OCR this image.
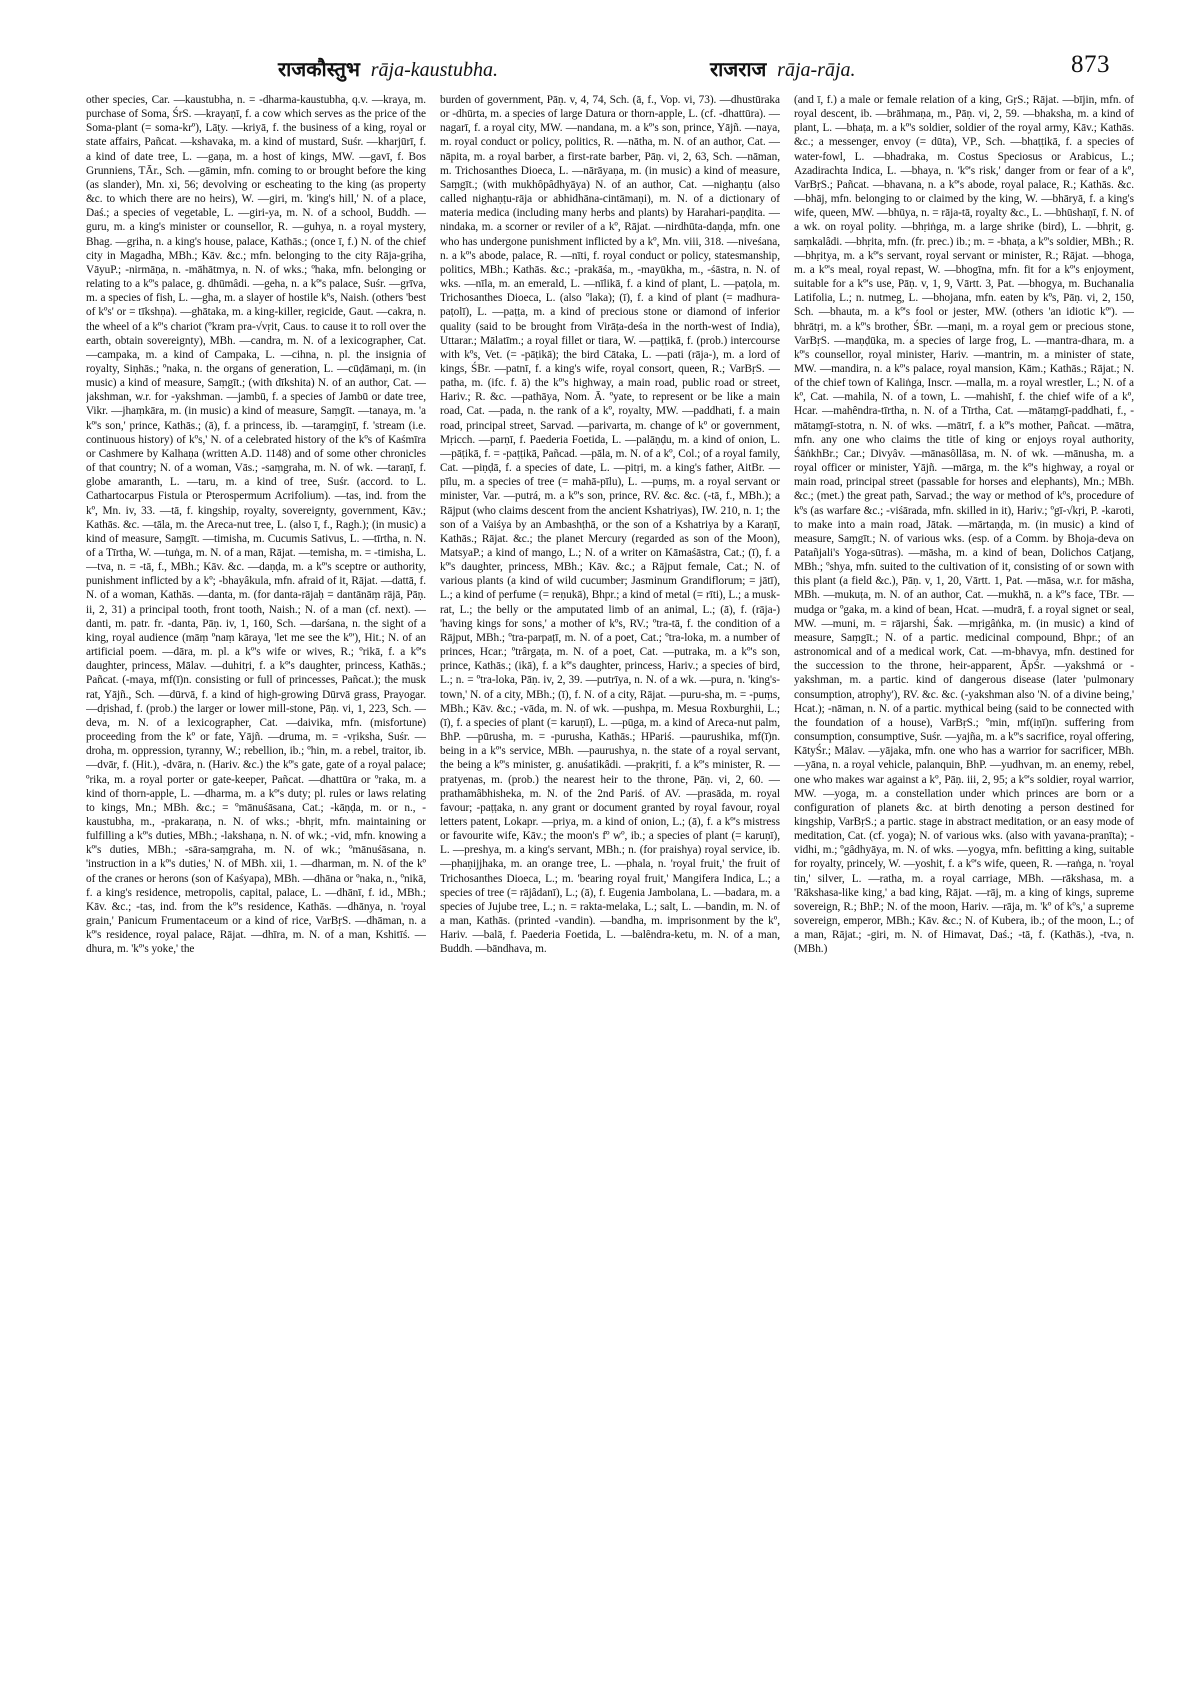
राजकौस्तुभ rāja-kaustubha.	राजराज rāja-rāja.	873

other species, Car. —kaustubha, n. = -dharma-kaustubha, q.v. —kraya, m. purchase of Soma, ŚrS. —krayaṇī, f. a cow which serves as the price of the Soma-plant (= soma-krº), Lāṭy. —kriyā, f. the business of a king, royal or state affairs, Pañcat. —kshavaka, m. a kind of mustard, Suśr. —kharjūrī, f. a kind of date tree, L. —gaṇa, m. a host of kings, MW. —gavī, f. Bos Grunniens, TĀr., Sch. —gāmin, mfn. coming to or brought before the king (as slander), Mn. xi, 56; devolving or escheating to the king (as property &c. to which there are no heirs), W. —giri, m. 'king's hill,' N. of a place, Daś.; a species of vegetable, L. —giri-ya, m. N. of a school, Buddh. —guru, m. a king's minister or counsellor, R. —guhya, n. a royal mystery, Bhag. —gṛiha, n. a king's house, palace, Kathās.; (once ī, f.) N. of the chief city in Magadha, MBh.; Kāv. &c.; mfn. belonging to the city Rāja-gṛiha, VāyuP.; -nirmāṇa, n. -māhātmya, n. N. of wks.; ºhaka, mfn. belonging or relating to a kº's palace, g. dhūmâdi. —geha, n. a kº's palace, Suśr. —grīva, m. a species of fish, L. —gha, m. a slayer of hostile kºs, Naish. (others 'best of kºs' or = tīkshṇa). —ghātaka, m. a king-killer, regicide, Gaut. —cakra, n. the wheel of a kº's chariot (ºkram pra-√vṛit, Caus. to cause it to roll over the earth, obtain sovereignty), MBh. —candra, m. N. of a lexicographer, Cat. —campaka, m. a kind of Campaka, L. —cihna, n. pl. the insignia of royalty, Siṇhās.; ºnaka, n. the organs of generation, L. —cūḍāmaṇi, m. (in music) a kind of measure, Saṃgīt.; (with dīkshita) N. of an author, Cat. —jakshman, w.r. for -yakshman. —jambū, f. a species of Jambū or date tree, Vikr. —jhaṃkāra, m. (in music) a kind of measure, Saṃgīt. —tanaya, m. 'a kº's son,' prince, Kathās.; (ā), f. a princess, ib. —taraṃgiṇī, f. 'stream (i.e. continuous history) of kºs,' N. of a celebrated history of the kºs of Kaśmīra or Cashmere by Kalhaṇa (written A.D. 1148) and of some other chronicles of that country; N. of a woman, Vās.; -saṃgraha, m. N. of wk. —taraṇī, f. globe amaranth, L. —taru, m. a kind of tree, Suśr. (accord. to L. Cathartocarpus Fistula or Pterospermum Acrifolium). —tas, ind. from the kº, Mn. iv, 33. —tā, f. kingship, royalty, sovereignty, government, Kāv.; Kathās. &c. —tāla, m. the Areca-nut tree, L. (also ī, f., Ragh.); (in music) a kind of measure, Saṃgīt. —timisha, m. Cucumis Sativus, L. —tīrtha, n. N. of a Tīrtha, W. —tuṅga, m. N. of a man, Rājat. —temisha, m. = -timisha, L. —tva, n. = -tā, f., MBh.; Kāv. &c. —daṇḍa, m. a kº's sceptre or authority, punishment inflicted by a kº; -bhayâkula, mfn. afraid of it, Rājat. —dattā, f. N. of a woman, Kathās. —danta, m. (for danta-rājaḥ = dantānāṃ rājā, Pāṇ. ii, 2, 31) a principal tooth, front tooth, Naish.; N. of a man (cf. next). —danti, m. patr. fr. -danta, Pāṇ. iv, 1, 160, Sch. —darśana, n. the sight of a king, royal audience (māṃ ºnaṃ kāraya, 'let me see the kº'), Hit.; N. of an artificial poem. —dāra, m. pl. a kº's wife or wives, R.; ºrikā, f. a kº's daughter, princess, Mālav. —duhitṛi, f. a kº's daughter, princess, Kathās.; Pañcat. (-maya, mf(ī)n. consisting or full of princesses, Pañcat.); the musk rat, Yājñ., Sch. —dūrvā, f. a kind of high-growing Dūrvā grass, Prayogar. —dṛishad, f. (prob.) the larger or lower mill-stone, Pāṇ. vi, 1, 223, Sch. —deva, m. N. of a lexicographer, Cat. —daivika, mfn. (misfortune) proceeding from the kº or fate, Yājñ. —druma, m. = -vṛiksha, Suśr. —droha, m. oppression, tyranny, W.; rebellion, ib.; ºhin, m. a rebel, traitor, ib. —dvār, f. (Hit.), -dvāra, n. (Hariv. &c.) the kº's gate, gate of a royal palace; ºrika, m. a royal porter or gate-keeper, Pañcat. —dhattūra or ºraka, m. a kind of thorn-apple, L. —dharma, m. a kº's duty; pl. rules or laws relating to kings, Mn.; MBh. &c.; = ºmānuśāsana, Cat.; -kāṇḍa, m. or n., -kaustubha, m., -prakaraṇa, n. N. of wks.; -bhṛit, mfn. maintaining or fulfilling a kº's duties, MBh.; -lakshaṇa, n. N. of wk.; -vid, mfn. knowing a kº's duties, MBh.; -sāra-saṃgraha, m. N. of wk.; ºmānuśāsana, n. 'instruction in a kº's duties,' N. of MBh. xii, 1. —dharman, m. N. of the kº of the cranes or herons (son of Kaśyapa), MBh. —dhāna or ºnaka, n., ºnikā, f. a king's residence, metropolis, capital, palace, L. —dhānī, f. id., MBh.; Kāv. &c.; -tas, ind. from the kº's residence, Kathās. —dhānya, n. 'royal grain,' Panicum Frumentaceum or a kind of rice, VarBṛS. —dhāman, n. a kº's residence, royal palace, Rājat. —dhīra, m. N. of a man, Kshitīś. —dhura, m. 'kº's yoke,' the

burden of government, Pāṇ. v, 4, 74, Sch. (ā, f., Vop. vi, 73). —dhustūraka or -dhūrta, m. a species of large Datura or thorn-apple, L. (cf. -dhattūra). —nagarī, f. a royal city, MW. —nandana, m. a kº's son, prince, Yājñ. —naya, m. royal conduct or policy, politics, R. —nātha, m. N. of an author, Cat. —nāpita, m. a royal barber, a first-rate barber, Pāṇ. vi, 2, 63, Sch. —nāman, m. Trichosanthes Dioeca, L. —nārāyaṇa, m. (in music) a kind of measure, Saṃgīt.; (with mukhôpâdhyāya) N. of an author, Cat. —nighaṇṭu (also called nighaṇṭu-rāja or abhidhāna-cintāmaṇi), m. N. of a dictionary of materia medica (including many herbs and plants) by Harahari-paṇḍita. —nindaka, m. a scorner or reviler of a kº, Rājat. —nirdhūta-daṇḍa, mfn. one who has undergone punishment inflicted by a kº, Mn. viii, 318. —niveśana, n. a kº's abode, palace, R. —nīti, f. royal conduct or policy, statesmanship, politics, MBh.; Kathās. &c.; -prakāśa, m., -mayūkha, m., -śāstra, n. N. of wks. —nīla, m. an emerald, L. —nīlikā, f. a kind of plant, L. —paṭola, m. Trichosanthes Dioeca, L. (also ºlaka); (ī), f. a kind of plant (= madhura-paṭolī), L. —paṭṭa, m. a kind of precious stone or diamond of inferior quality (said to be brought from Virāṭa-deśa in the north-west of India), Uttarar.; Mālatīm.; a royal fillet or tiara, W. —paṭṭikā, f. (prob.) intercourse with kºs, Vet. (= -pāṭikā); the bird Cātaka, L. —pati (rāja-), m. a lord of kings, ŚBr. —patnī, f. a king's wife, royal consort, queen, R.; VarBṛS. —patha, m. (ifc. f. ā) the kº's highway, a main road, public road or street, Hariv.; R. &c. —pathāya, Nom. Ā. ºyate, to represent or be like a main road, Cat. —pada, n. the rank of a kº, royalty, MW. —paddhati, f. a main road, principal street, Sarvad. —parivarta, m. change of kº or government, Mṛicch. —parṇī, f. Paederia Foetida, L. —palāṇḍu, m. a kind of onion, L. —pāṭikā, f. = -paṭṭikā, Pañcad. —pāla, m. N. of a kº, Col.; of a royal family, Cat. —piṇḍā, f. a species of date, L. —pitṛi, m. a king's father, AitBr. —pīlu, m. a species of tree (= mahā-pīlu), L. —puṃs, m. a royal servant or minister, Var. —putrá, m. a kº's son, prince, RV. &c. &c. (-tā, f., MBh.); a Rājput (who claims descent from the ancient Kshatriyas), IW. 210, n. 1; the son of a Vaiśya by an Ambashṭhā, or the son of a Kshatriya by a Karaṇī, Kathās.; Rājat. &c.; the planet Mercury (regarded as son of the Moon), MatsyaP.; a kind of mango, L.; N. of a writer on Kāmaśāstra, Cat.; (ī), f. a kº's daughter, princess, MBh.; Kāv. &c.; a Rājput female, Cat.; N. of various plants (a kind of wild cucumber; Jasminum Grandiflorum; = jātī), L.; a kind of perfume (= reṇukā), Bhpr.; a kind of metal (= rīti), L.; a musk-rat, L.; the belly or the amputated limb of an animal, L.; (ā), f. (rāja-) 'having kings for sons,' a mother of kºs, RV.; ºtra-tā, f. the condition of a Rājput, MBh.; ºtra-parpaṭī, m. N. of a poet, Cat.; ºtra-loka, m. a number of princes, Hcar.; ºtrârgaṭa, m. N. of a poet, Cat. —putraka, m. a kº's son, prince, Kathās.; (ikā), f. a kº's daughter, princess, Hariv.; a species of bird, L.; n. = ºtra-loka, Pāṇ. iv, 2, 39. —putrīya, n. N. of a wk. —pura, n. 'king's-town,' N. of a city, MBh.; (ī), f. N. of a city, Rājat. —puru-sha, m. = -puṃs, MBh.; Kāv. &c.; -vāda, m. N. of wk. —pushpa, m. Mesua Roxburghii, L.; (ī), f. a species of plant (= karuṇī), L. —pūga, m. a kind of Areca-nut palm, BhP. —pūrusha, m. = -purusha, Kathās.; HPariś. —paurushika, mf(ī)n. being in a kº's service, MBh. —paurushya, n. the state of a royal servant, the being a kº's minister, g. anuśatikâdi. —prakṛiti, f. a kº's minister, R. —pratyenas, m. (prob.) the nearest heir to the throne, Pāṇ. vi, 2, 60. —prathamâbhisheka, m. N. of the 2nd Pariś. of AV. —prasāda, m. royal favour; -paṭṭaka, n. any grant or document granted by royal favour, royal letters patent, Lokapr. —priya, m. a kind of onion, L.; (ā), f. a kº's mistress or favourite wife, Kāv.; the moon's fº wº, ib.; a species of plant (= karuṇī), L. —preshya, m. a king's servant, MBh.; n. (for praishya) royal service, ib. —phaṇijjhaka, m. an orange tree, L. —phala, n. 'royal fruit,' the fruit of Trichosanthes Dioeca, L.; m. 'bearing royal fruit,' Mangifera Indica, L.; a species of tree (= rājâdanī), L.; (ā), f. Eugenia Jambolana, L. —badara, m. a species of Jujube tree, L.; n. = rakta-melaka, L.; salt, L. —bandin, m. N. of a man, Kathās. (printed -vandin). —bandha, m. imprisonment by the kº, Hariv. —balā, f. Paederia Foetida, L. —balêndra-ketu, m. N. of a man, Buddh. —bāndhava, m.

(and ī, f.) a male or female relation of a king, GṛS.; Rājat. —bījin, mfn. of royal descent, ib. —brāhmaṇa, m., Pāṇ. vi, 2, 59. —bhaksha, m. a kind of plant, L. —bhaṭa, m. a kº's soldier, soldier of the royal army, Kāv.; Kathās. &c.; a messenger, envoy (= dūta), VP., Sch. —bhaṭṭikā, f. a species of water-fowl, L. —bhadraka, m. Costus Speciosus or Arabicus, L.; Azadirachta Indica, L. —bhaya, n. 'kº's risk,' danger from or fear of a kº, VarBṛS.; Pañcat. —bhavana, n. a kº's abode, royal palace, R.; Kathās. &c. —bhāj, mfn. belonging to or claimed by the king, W. —bhāryā, f. a king's wife, queen, MW. —bhūya, n. = rāja-tā, royalty &c., L. —bhūshaṇī, f. N. of a wk. on royal polity. —bhṛiṅga, m. a large shrike (bird), L. —bhṛit, g. saṃkalâdi. —bhṛita, mfn. (fr. prec.) ib.; m. = -bhaṭa, a kº's soldier, MBh.; R. —bhṛitya, m. a kº's servant, royal servant or minister, R.; Rājat. —bhoga, m. a kº's meal, royal repast, W. —bhogīna, mfn. fit for a kº's enjoyment, suitable for a kº's use, Pāṇ. v, 1, 9, Vārtt. 3, Pat. —bhogya, m. Buchanalia Latifolia, L.; n. nutmeg, L. —bhojana, mfn. eaten by kºs, Pāṇ. vi, 2, 150, Sch. —bhauta, m. a kº's fool or jester, MW. (others 'an idiotic kº'). —bhrātṛi, m. a kº's brother, ŚBr. —maṇi, m. a royal gem or precious stone, VarBṛS. —maṇḍūka, m. a species of large frog, L. —mantra-dhara, m. a kº's counsellor, royal minister, Hariv. —mantrin, m. a minister of state, MW. —mandira, n. a kº's palace, royal mansion, Kām.; Kathās.; Rājat.; N. of the chief town of Kaliṅga, Inscr. —malla, m. a royal wrestler, L.; N. of a kº, Cat. —mahila, N. of a town, L. —mahishī, f. the chief wife of a kº, Hcar. —mahêndra-tīrtha, n. N. of a Tīrtha, Cat. —mātaṃgī-paddhati, f., -mātaṃgī-stotra, n. N. of wks. —mātrī, f. a kº's mother, Pañcat. —mātra, mfn. any one who claims the title of king or enjoys royal authority, ŚāṅkhBr.; Car.; Divyâv. —mānasôllāsa, m. N. of wk. —mānusha, m. a royal officer or minister, Yājñ. —mārga, m. the kº's highway, a royal or main road, principal street (passable for horses and elephants), Mn.; MBh. &c.; (met.) the great path, Sarvad.; the way or method of kºs, procedure of kºs (as warfare &c.; -viśārada, mfn. skilled in it), Hariv.; ºgī-√kṛi, P. -karoti, to make into a main road, Jātak. —mārtaṇḍa, m. (in music) a kind of measure, Saṃgīt.; N. of various wks. (esp. of a Comm. by Bhoja-deva on Patañjali's Yoga-sūtras). —māsha, m. a kind of bean, Dolichos Catjang, MBh.; ºshya, mfn. suited to the cultivation of it, consisting of or sown with this plant (a field &c.), Pāṇ. v, 1, 20, Vārtt. 1, Pat. —māsa, w.r. for māsha, MBh. —mukuṭa, m. N. of an author, Cat. —mukhā, n. a kº's face, TBr. —mudga or ºgaka, m. a kind of bean, Hcat. —mudrā, f. a royal signet or seal, MW. —muni, m. = rājarshi, Śak. —mṛigâṅka, m. (in music) a kind of measure, Saṃgīt.; N. of a partic. medicinal compound, Bhpr.; of an astronomical and of a medical work, Cat. —m-bhavya, mfn. destined for the succession to the throne, heir-apparent, ĀpŚr. —yakshmá or -yakshman, m. a partic. kind of dangerous disease (later 'pulmonary consumption, atrophy'), RV. &c. &c. (-yakshman also 'N. of a divine being,' Hcat.); -nāman, n. N. of a partic. mythical being (said to be connected with the foundation of a house), VarBṛS.; ºmin, mf(iṇī)n. suffering from consumption, consumptive, Suśr. —yajña, m. a kº's sacrifice, royal offering, KātyŚr.; Mālav. —yājaka, mfn. one who has a warrior for sacrificer, MBh. —yāna, n. a royal vehicle, palanquin, BhP. —yudhvan, m. an enemy, rebel, one who makes war against a kº, Pāṇ. iii, 2, 95; a kº's soldier, royal warrior, MW. —yoga, m. a constellation under which princes are born or a configuration of planets &c. at birth denoting a person destined for kingship, VarBṛS.; a partic. stage in abstract meditation, or an easy mode of meditation, Cat. (cf. yoga); N. of various wks. (also with yavana-praṇīta); -vidhi, m.; ºgâdhyāya, m. N. of wks. —yogya, mfn. befitting a king, suitable for royalty, princely, W. —yoshit, f. a kº's wife, queen, R. —raṅga, n. 'royal tin,' silver, L. —ratha, m. a royal carriage, MBh. —rākshasa, m. a 'Rākshasa-like king,' a bad king, Rājat. —rāj, m. a king of kings, supreme sovereign, R.; BhP.; N. of the moon, Hariv. —rāja, m. 'kº of kºs,' a supreme sovereign, emperor, MBh.; Kāv. &c.; N. of Kubera, ib.; of the moon, L.; of a man, Rājat.; -giri, m. N. of Himavat, Daś.; -tā, f. (Kathās.), -tva, n. (MBh.)
